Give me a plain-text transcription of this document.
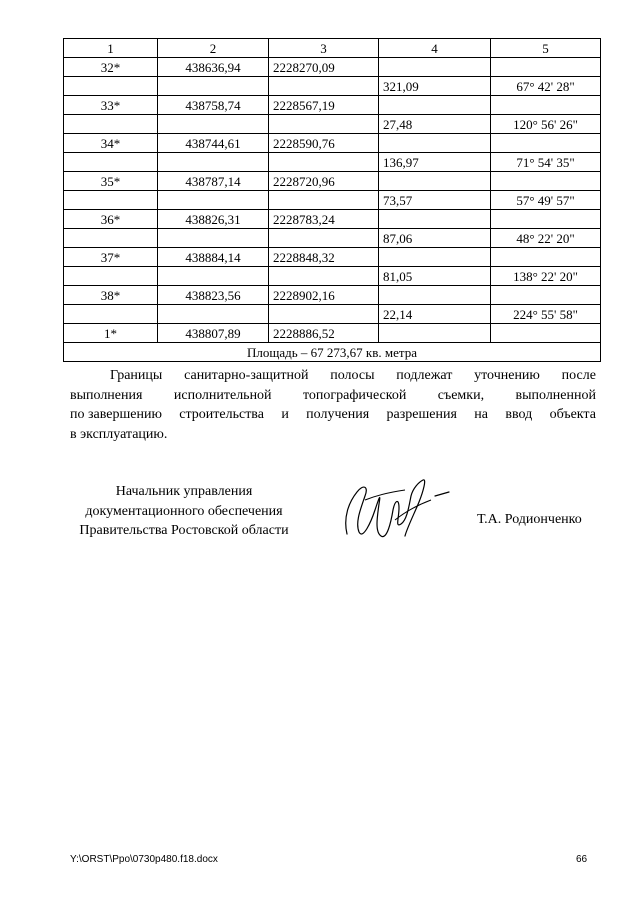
1	2	3	4	5
32*	438636,94	2228270,09		
			321,09	67° 42' 28"
33*	438758,74	2228567,19		
			27,48	120° 56' 26"
34*	438744,61	2228590,76		
			136,97	71° 54' 35"
35*	438787,14	2228720,96		
			73,57	57° 49' 57"
36*	438826,31	2228783,24		
			87,06	48° 22' 20"
37*	438884,14	2228848,32		
			81,05	138° 22' 20"
38*	438823,56	2228902,16		
			22,14	224° 55' 58"
1*	438807,89	2228886,52		
Площадь – 67 273,67 кв. метра				
Границы санитарно-защитной полосы подлежат уточнению после
выполнения исполнительной топографической съемки, выполненной
по завершению строительства и получения разрешения на ввод объекта
в эксплуатацию.
Начальник управления
документационного обеспечения
Правительства Ростовской области
Т.А. Родионченко
Y:\ORST\Ppo\0730p480.f18.docx	66
